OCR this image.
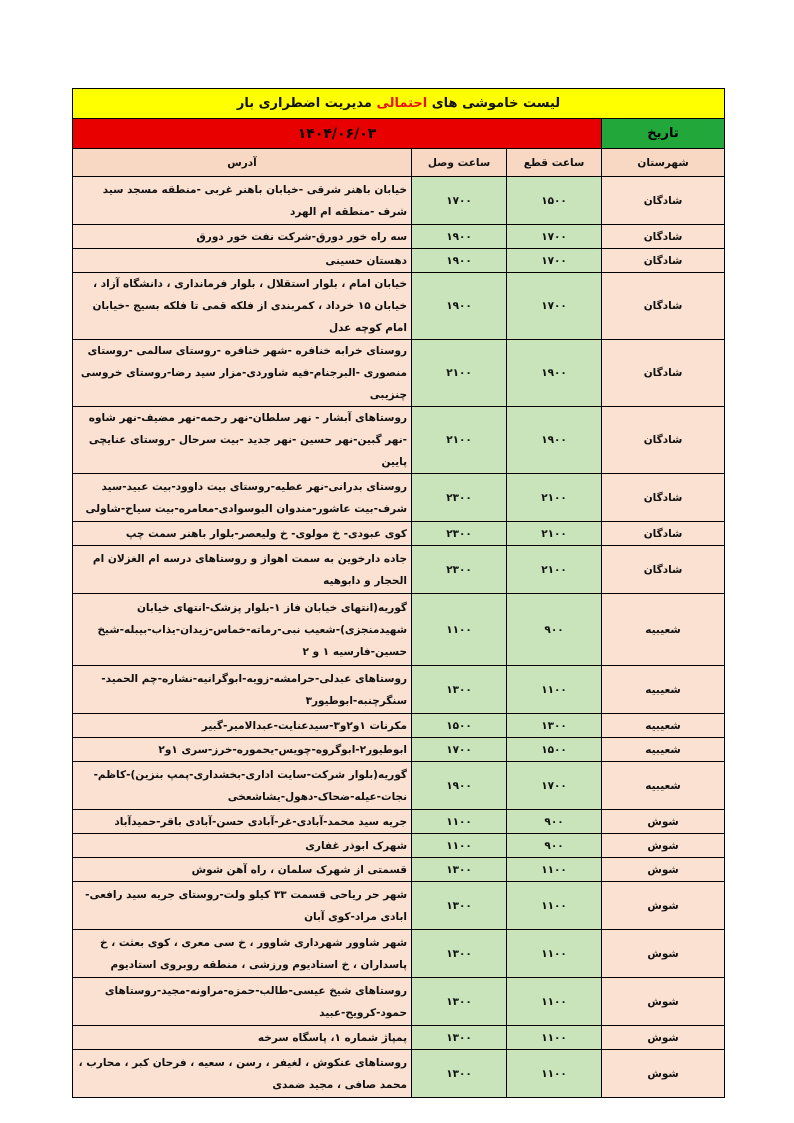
لیست خاموشی های احتمالی مدیریت اضطراری بار			
تاریخ	۱۴۰۴/۰۶/۰۳		
شهرستان	ساعت قطع	ساعت وصل	آدرس
شادگان	۱۵۰۰	۱۷۰۰	خیابان باهنر شرقی -خیابان باهنر غربی -منطقه مسجد سید شرف -منطقه ام الهرد
شادگان	۱۷۰۰	۱۹۰۰	سه راه خور دورق-شرکت نفت خور دورق
شادگان	۱۷۰۰	۱۹۰۰	دهستان حسینی
شادگان	۱۷۰۰	۱۹۰۰	خیابان امام ، بلوار استقلال ، بلوار فرمانداری ، دانشگاه آزاد ، خیابان ۱۵ خرداد ، کمربندی از فلکه قمی تا فلکه بسیج -خیابان امام کوچه عدل
شادگان	۱۹۰۰	۲۱۰۰	روستای خرابه خنافره -شهر خنافره -روستای سالمی -روستای منصوری -البرجنام-فیه شاوردی-مزار سید رضا-روستای خروسی چنزیبی
شادگان	۱۹۰۰	۲۱۰۰	روستاهای آبشار - نهر سلطان-نهر رحمه-نهر مضیف-نهر شاوه -نهر گبین-نهر حسین -نهر جدید -بیت سرحال -روستای عنایچی پایین
شادگان	۲۱۰۰	۲۳۰۰	روستای بدرانی-نهر عطیه-روستای بیت داوود-بیت عبید-سید شرف-بیت عاشور-مندوان البوسوادی-معامره-بیت سیاح-شاولی
شادگان	۲۱۰۰	۲۳۰۰	کوی عبودی- خ مولوی- خ ولیعصر-بلوار باهنر سمت چپ
شادگان	۲۱۰۰	۲۳۰۰	جاده دارخوین به سمت اهواز و روستاهای درسه ام الغزلان ام الحجار و دابوهیه
شعیبیه	۹۰۰	۱۱۰۰	گوریه(انتهای خیابان فاز ۱-بلوار پزشک-انتهای خیابان شهیدمنجزی)-شعیب نبی-رماته-خماس-زیدان-یذاب-بیبله-شیخ حسین-فارسیه ۱ و ۲
شعیبیه	۱۱۰۰	۱۳۰۰	روستاهای عبدلی-حرامشه-زویه-ابوگرانیه-نشاره-چم الحمید-سنگرچنبه-ابوطیور۳
شعیبیه	۱۳۰۰	۱۵۰۰	مکرنات ۱و۲و۳-سیدعنایت-عبدالامیر-گبیر
شعیبیه	۱۵۰۰	۱۷۰۰	ابوطیور۲-ابوگروه-چویس-یحموره-خرز-سری ۱و۲
شعیبیه	۱۷۰۰	۱۹۰۰	گوریه(بلوار شرکت-سایت اداری-بخشداری-پمپ بنزین)-کاظم-نجات-عیله-ضحاک-دهول-یشاشعخی
شوش	۹۰۰	۱۱۰۰	جریه سید محمد-آبادی-غر-آبادی حسن-آبادی باقر-حمیدآباد
شوش	۹۰۰	۱۱۰۰	شهرک ابوذر غفاری
شوش	۱۱۰۰	۱۳۰۰	قسمتی از شهرک سلمان ، راه آهن شوش
شوش	۱۱۰۰	۱۳۰۰	شهر حر ریاحی قسمت ۳۳ کیلو ولت-روستای جریه سید رافعی-ابادی مراد-کوی آبان
شوش	۱۱۰۰	۱۳۰۰	شهر شاوور شهرداری شاوور ، خ سی معری ، کوی بعثت ، خ پاسداران ، خ استادیوم ورزشی ، منطقه روبروی استادیوم
شوش	۱۱۰۰	۱۳۰۰	روستاهای شیخ عیسی-طالب-حمزه-مراونه-مجید-روستاهای حمود-کرویح-عبید
شوش	۱۱۰۰	۱۳۰۰	پمپاژ شماره ۱، پاسگاه سرخه
شوش	۱۱۰۰	۱۳۰۰	روستاهای عنکوش ، لغیفر ، رسن ، سعیه ، فرحان کبر ، محارب ، محمد صافی ، مجید ضمدی
